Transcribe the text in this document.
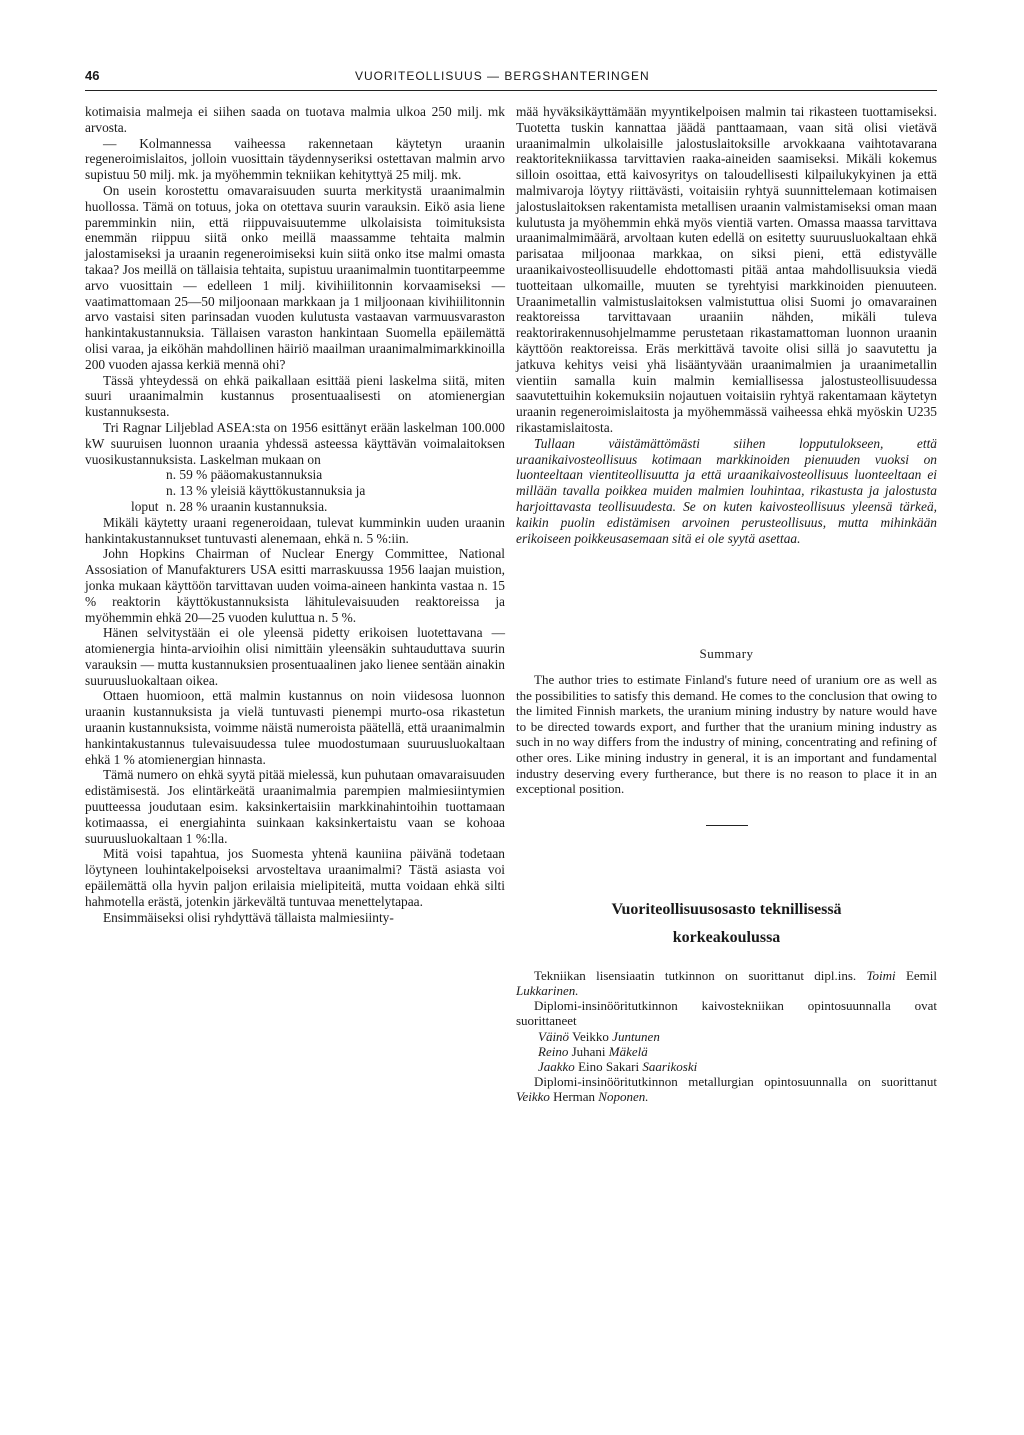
46	VUORITEOLLISUUS — BERGSHANTERINGEN

kotimaisia malmeja ei siihen saada on tuotava malmia ulkoa 250 milj. mk arvosta.

— Kolmannessa vaiheessa rakennetaan käytetyn uraanin regeneroimislaitos, jolloin vuosittain täydennyseriksi ostettavan malmin arvo supistuu 50 milj. mk. ja myöhemmin tekniikan kehityttyä 25 milj. mk.

On usein korostettu omavaraisuuden suurta merkitystä uraanimalmin huollossa. Tämä on totuus, joka on otettava suurin varauksin. Eikö asia liene paremminkin niin, että riippuvaisuutemme ulkolaisista toimituksista enemmän riippuu siitä onko meillä maassamme tehtaita malmin jalostamiseksi ja uraanin regeneroimiseksi kuin siitä onko itse malmi omasta takaa? Jos meillä on tällaisia tehtaita, supistuu uraanimalmin tuontitarpeemme arvo vuosittain — edelleen 1 milj. kivihiilitonnin korvaamiseksi — vaatimattomaan 25—50 miljoonaan markkaan ja 1 miljoonaan kivihiilitonnin arvo vastaisi siten parinsadan vuoden kulutusta vastaavan varmuusvaraston hankintakustannuksia. Tällaisen varaston hankintaan Suomella epäilemättä olisi varaa, ja eiköhän mahdollinen häiriö maailman uraanimalmimarkkinoilla 200 vuoden ajassa kerkiä mennä ohi?

Tässä yhteydessä on ehkä paikallaan esittää pieni laskelma siitä, miten suuri uraanimalmin kustannus prosentuaalisesti on atomienergian kustannuksesta.

Tri Ragnar Liljeblad ASEA:sta on 1956 esittänyt erään laskelman 100.000 kW suuruisen luonnon uraania yhdessä asteessa käyttävän voimalaitoksen vuosikustannuksista. Laskelman mukaan on

n. 59 % pääomakustannuksia
n. 13 % yleisiä käyttökustannuksia ja
loput n. 28 % uraanin kustannuksia.

Mikäli käytetty uraani regeneroidaan, tulevat kumminkin uuden uraanin hankintakustannukset tuntuvasti alenemaan, ehkä n. 5 %:iin.

John Hopkins Chairman of Nuclear Energy Committee, National Assosiation of Manufakturers USA esitti marraskuussa 1956 laajan muistion, jonka mukaan käyttöön tarvittavan uuden voima-aineen hankinta vastaa n. 15 % reaktorin käyttökustannuksista lähitulevaisuuden reaktoreissa ja myöhemmin ehkä 20—25 vuoden kuluttua n. 5 %.

Hänen selvitystään ei ole yleensä pidetty erikoisen luotettavana — atomienergia hinta-arvioihin olisi nimittäin yleensäkin suhtauduttava suurin varauksin — mutta kustannuksien prosentuaalinen jako lienee sentään ainakin suuruusluokaltaan oikea.

Ottaen huomioon, että malmin kustannus on noin viidesosa luonnon uraanin kustannuksista ja vielä tuntuvasti pienempi murto-osa rikastetun uraanin kustannuksista, voimme näistä numeroista päätellä, että uraanimalmin hankintakustannus tulevaisuudessa tulee muodostumaan suuruusluokaltaan ehkä 1 % atomienergian hinnasta.

Tämä numero on ehkä syytä pitää mielessä, kun puhutaan omavaraisuuden edistämisestä. Jos elintärkeätä uraanimalmia parempien malmiesiintymien puutteessa joudutaan esim. kaksinkertaisiin markkinahintoihin tuottamaan kotimaassa, ei energiahinta suinkaan kaksinkertaistu vaan se kohoaa suuruusluokaltaan 1 %:lla.

Mitä voisi tapahtua, jos Suomesta yhtenä kauniina päivänä todetaan löytyneen louhintakelpoiseksi arvosteltava uraanimalmi? Tästä asiasta voi epäilemättä olla hyvin paljon erilaisia mielipiteitä, mutta voidaan ehkä silti hahmotella erästä, jotenkin järkevältä tuntuvaa menettelytapaa.

Ensimmäiseksi olisi ryhdyttävä tällaista malmiesiinty-

mää hyväksikäyttämään myyntikelpoisen malmin tai rikasteen tuottamiseksi. Tuotetta tuskin kannattaa jäädä panttaamaan, vaan sitä olisi vietävä uraanimalmin ulkolaisille jalostuslaitoksille arvokkaana vaihtotavarana reaktoritekniikassa tarvittavien raaka-aineiden saamiseksi. Mikäli kokemus silloin osoittaa, että kaivosyritys on taloudellisesti kilpailukykyinen ja että malmivaroja löytyy riittävästi, voitaisiin ryhtyä suunnittelemaan kotimaisen jalostuslaitoksen rakentamista metallisen uraanin valmistamiseksi oman maan kulutusta ja myöhemmin ehkä myös vientiä varten. Omassa maassa tarvittava uraanimalmimäärä, arvoltaan kuten edellä on esitetty suuruusluokaltaan ehkä parisataa miljoonaa markkaa, on siksi pieni, että edistyvälle uraanikaivosteollisuudelle ehdottomasti pitää antaa mahdollisuuksia viedä tuotteitaan ulkomaille, muuten se tyrehtyisi markkinoiden pienuuteen. Uraanimetallin valmistuslaitoksen valmistuttua olisi Suomi jo omavarainen reaktoreissa tarvittavaan uraaniin nähden, mikäli tuleva reaktorirakennusohjelmamme perustetaan rikastamattoman luonnon uraanin käyttöön reaktoreissa. Eräs merkittävä tavoite olisi sillä jo saavutettu ja jatkuva kehitys veisi yhä lisääntyvään uraanimalmien ja uraanimetallin vientiin samalla kuin malmin kemiallisessa jalostusteollisuudessa saavutettuihin kokemuksiin nojautuen voitaisiin ryhtyä rakentamaan käytetyn uraanin regeneroimislaitosta ja myöhemmässä vaiheessa ehkä myöskin U235 rikastamislaitosta.

Tullaan väistämättömästi siihen lopputulokseen, että uraanikaivosteollisuus kotimaan markkinoiden pienuuden vuoksi on luonteeltaan vientiteollisuutta ja että uraanikaivosteollisuus luonteeltaan ei millään tavalla poikkea muiden malmien louhintaa, rikastusta ja jalostusta harjoittavasta teollisuudesta. Se on kuten kaivosteollisuus yleensä tärkeä, kaikin puolin edistämisen arvoinen perusteollisuus, mutta mihinkään erikoiseen poikkeusasemaan sitä ei ole syytä asettaa.

Summary

The author tries to estimate Finland's future need of uranium ore as well as the possibilities to satisfy this demand. He comes to the conclusion that owing to the limited Finnish markets, the uranium mining industry by nature would have to be directed towards export, and further that the uranium mining industry as such in no way differs from the industry of mining, concentrating and refining of other ores. Like mining industry in general, it is an important and fundamental industry deserving every furtherance, but there is no reason to place it in an exceptional position.

Vuoriteollisuusosasto teknillisessä
korkeakoulussa

Tekniikan lisensiaatin tutkinnon on suorittanut dipl.ins. Toimi Eemil Lukkarinen.

Diplomi-insinööritutkinnon kaivostekniikan opintosuunnalla ovat suorittaneet

Väinö Veikko Juntunen

Reino Juhani Mäkelä

Jaakko Eino Sakari Saarikoski

Diplomi-insinööritutkinnon metallurgian opintosuunnalla on suorittanut Veikko Herman Noponen.
